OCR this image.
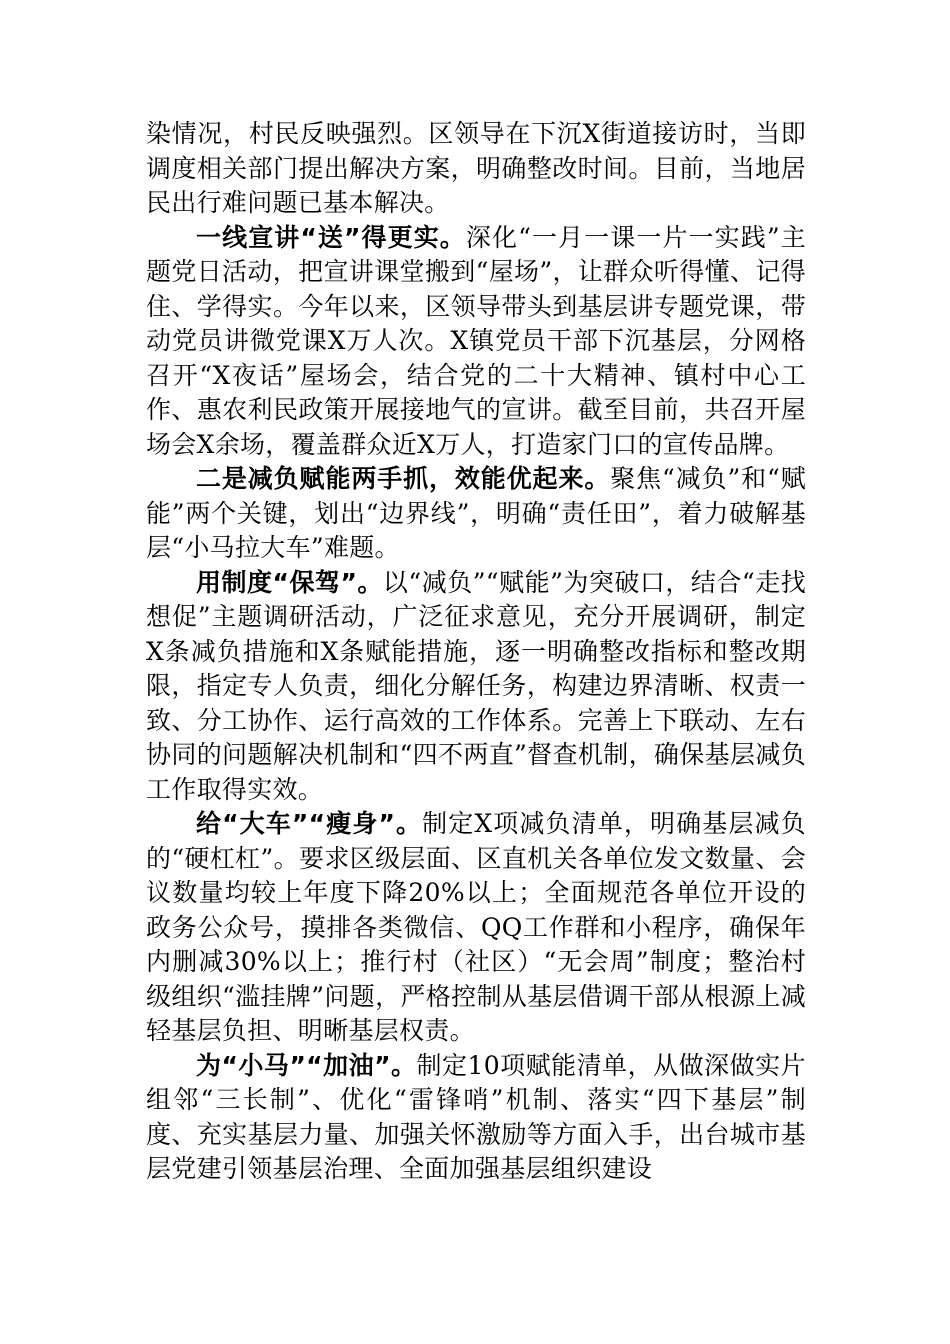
染情况，村民反映强烈。区领导在下沉X街道接访时，当即调度相关部门提出解决方案，明确整改时间。目前，当地居民出行难问题已基本解决。

一线宣讲“送”得更实。深化“一月一课一片一实践”主题党日活动，把宣讲课堂搬到“屋场”，让群众听得懂、记得住、学得实。今年以来，区领导带头到基层讲专题党课，带动党员讲微党课X万人次。X镇党员干部下沉基层，分网格召开“X夜话”屋场会，结合党的二十大精神、镇村中心工作、惠农利民政策开展接地气的宣讲。截至目前，共召开屋场会X余场，覆盖群众近X万人，打造家门口的宣传品牌。

二是减负赋能两手抓，效能优起来。聚焦“减负”和“赋能”两个关键，划出“边界线”，明确“责任田”，着力破解基层“小马拉大车”难题。

用制度“保驾”。以“减负”“赋能”为突破口，结合“走找想促”主题调研活动，广泛征求意见，充分开展调研，制定X条减负措施和X条赋能措施，逐一明确整改指标和整改期限，指定专人负责，细化分解任务，构建边界清晰、权责一致、分工协作、运行高效的工作体系。完善上下联动、左右协同的问题解决机制和“四不两直”督查机制，确保基层减负工作取得实效。

给“大车”“瘦身”。制定X项减负清单，明确基层减负的“硬杠杠”。要求区级层面、区直机关各单位发文数量、会议数量均较上年度下降20%以上；全面规范各单位开设的政务公众号，摸排各类微信、QQ工作群和小程序，确保年内删减30%以上；推行村（社区）“无会周”制度；整治村级组织“滥挂牌”问题，严格控制从基层借调干部从根源上减轻基层负担、明晰基层权责。

为“小马”“加油”。制定10项赋能清单，从做深做实片组邻“三长制”、优化“雷锋哨”机制、落实“四下基层”制度、充实基层力量、加强关怀激励等方面入手，出台城市基层党建引领基层治理、全面加强基层组织建设
